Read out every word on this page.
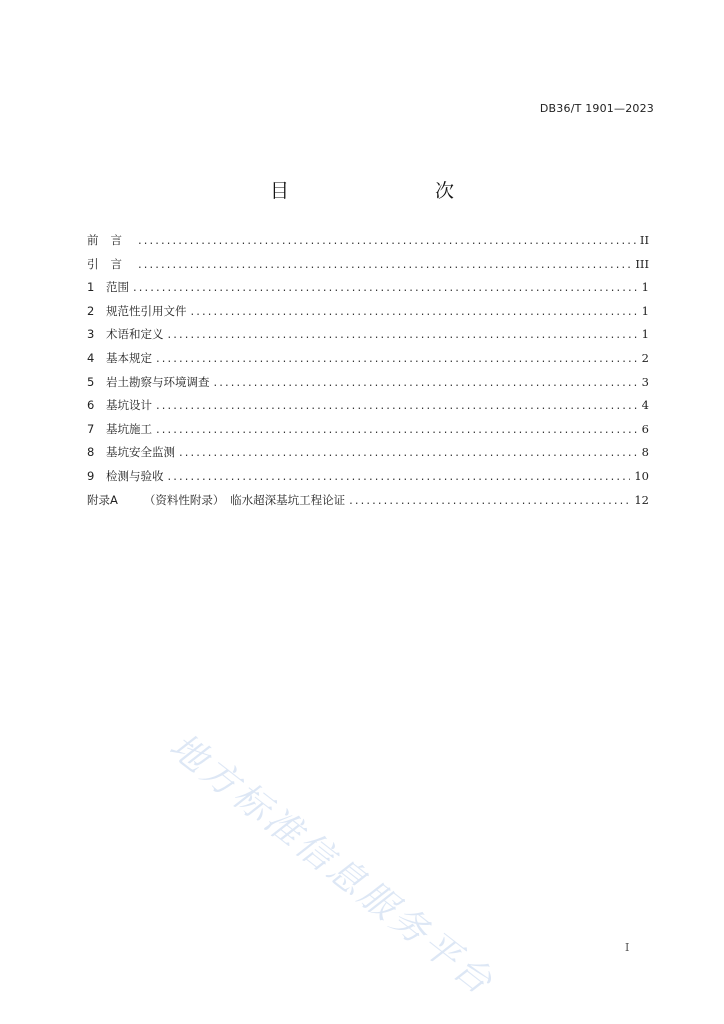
DB36/T 1901—2023
目　　次
前言 .....	II
引言 .....	III
1	范围 .....	1
2	规范性引用文件 .....	1
3	术语和定义 .....	1
4	基本规定 .....	2
5	岩土勘察与环境调查 .....	3
6	基坑设计 .....	4
7	基坑施工 .....	6
8	基坑安全监测 .....	8
9	检测与验收 .....	10
附录A （资料性附录）　临水超深基坑工程论证 .....	12
地方标准信息服务平台	I
